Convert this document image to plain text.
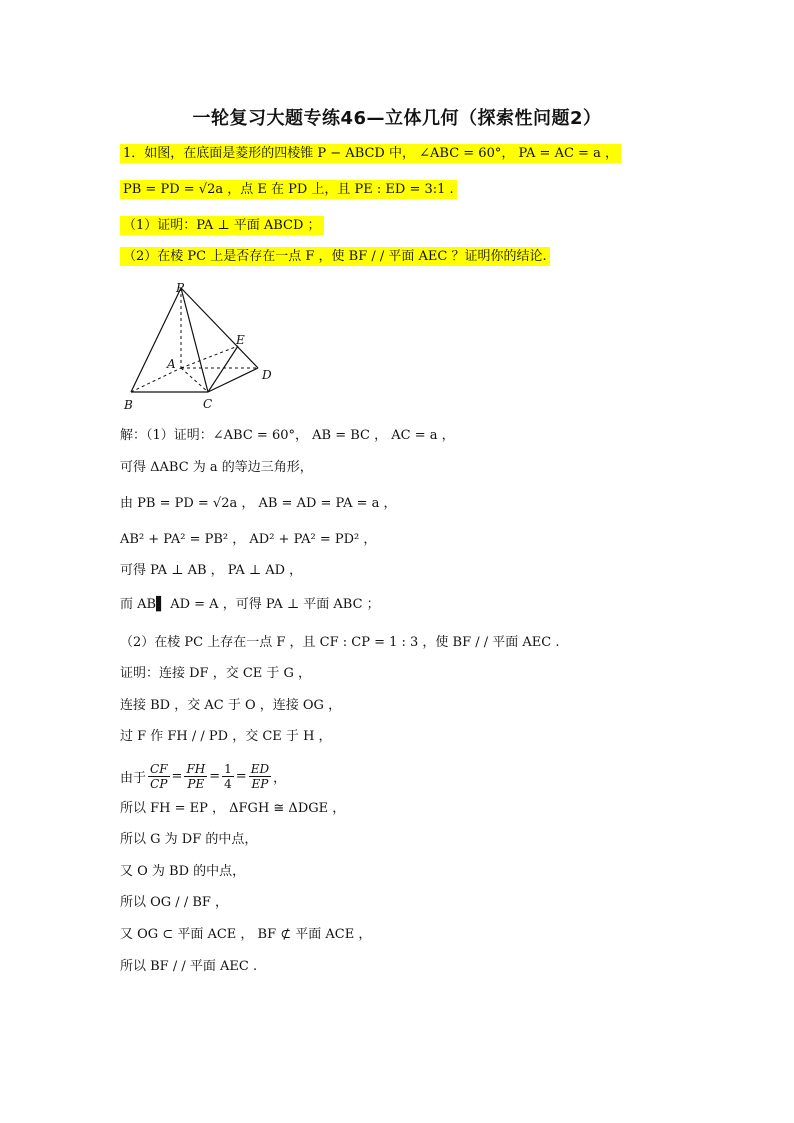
一轮复习大题专练46—立体几何（探索性问题2）
1．如图，在底面是菱形的四棱锥 P − ABCD 中， ∠ABC = 60°， PA = AC = a ，
PB = PD = √2a ，点 E 在 PD 上，且 PE : ED = 3:1 .
（1）证明：PA ⊥ 平面 ABCD ；
（2）在棱 PC 上是否存在一点 F ，使 BF / / 平面 AEC ？证明你的结论.
P
A
B	C
D
E
解：（1）证明：∠ABC = 60°， AB = BC ， AC = a ，
可得 ΔABC 为 a 的等边三角形，
由 PB = PD = √2a ， AB = AD = PA = a ，
AB² + PA² = PB² ， AD² + PA² = PD² ，
可得 PA ⊥ AB ， PA ⊥ AD ，
而 AB▌ AD = A ，可得 PA ⊥ 平面 ABC ；
（2）在棱 PC 上存在一点 F ，且 CF : CP = 1 : 3 ，使 BF / / 平面 AEC .
证明：连接 DF ，交 CE 于 G ，
连接 BD ，交 AC 于 O ，连接 OG ，
过 F 作 FH / / PD ，交 CE 于 H ，
由于 $\frac{CF}{CP} = \frac{FH}{PE} = \frac{1}{4} = \frac{ED}{EP}$ ，
所以 FH = EP ， ΔFGH ≅ ΔDGE ，
所以 G 为 DF 的中点，
又 O 为 BD 的中点，
所以 OG / / BF ，
又 OG ⊂ 平面 ACE ， BF ⊄ 平面 ACE ，
所以 BF / / 平面 AEC .
